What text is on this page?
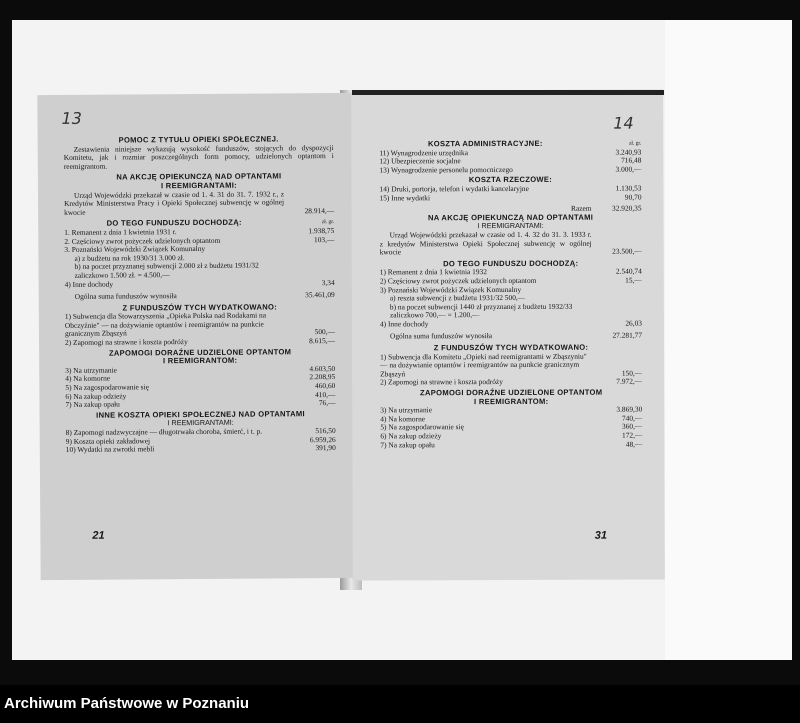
13
POMOC Z TYTUŁU OPIEKI SPOŁECZNEJ.
Zestawienia niniejsze wykazują wysokość funduszów, stojących do dyspozycji Komitetu, jak i rozmiar poszczególnych form pomocy, udzielonych optantom i reemigrantom.
NA AKCJĘ OPIEKUNCZĄ NAD OPTANTAMI
I REEMIGRANTAMI:
Urząd Wojewódzki przekazał w czasie od 1. 4. 31 do 31. 7. 1932 r., z Kredytów Ministerstwa Pracy i Opieki Społecznej subwencję w ogólnej kwocie	28.914,—
DO TEGO FUNDUSZU DOCHODZĄ:	zł. gr.
1. Remanent z dnia 1 kwietnia 1931 r.	1.938,75
2. Częściowy zwrot pożyczek udzielonych optantom	103,—
3. Poznański Wojewódzki Związek Komunalny
a) z budżetu na rok 1930/31 3.000 zł.
b) na poczet przyznanej subwencji 2.000 zł z budżetu 1931/32 zaliczkowo 1.500 zł. = 4.500,—
4) Inne dochody	3,34
Ogólna suma funduszów wynosiła	35.461,09
Z FUNDUSZÓW TYCH WYDATKOWANO:
1) Subwencja dla Stowarzyszenia „Opieka Polska nad Rodakami na Obczyźnie" — na dożywianie optantów i reemigrantów na punkcie granicznym Zbąszyń	500,—
2) Zapomogi na strawne i koszta podróży	8.615,—
ZAPOMOGI DORAŹNE UDZIELONE OPTANTOM
I REEMIGRANTOM:
3) Na utrzymanie	4.603,50
4) Na komorne	2.208,95
5) Na zagospodarowanie się	460,60
6) Na zakup odzieży	410,—
7) Na zakup opału	76,—
INNE KOSZTA OPIEKI SPOŁECZNEJ NAD OPTANTAMI
I REEMIGRANTAMI:
8) Zapomogi nadzwyczajne — długotrwała choroba, śmierć, i t. p.	516,50
9) Koszta opieki zakładowej	6.959,26
10) Wydatki na zwrotki mebli	391,90
21
14
KOSZTA ADMINISTRACYJNE:	zł. gr.
11) Wynagrodzenie urzędnika	3.240,93
12) Ubezpieczenie socjalne	716,48
13) Wynagrodzenie personelu pomocniczego	3.000,—
KOSZTA RZECZOWE:
14) Druki, portorja, telefon i wydatki kancelaryjne	1.130,53
15) Inne wydatki	90,70
Razem	32.920,35
NA AKCJĘ OPIEKUNCZĄ NAD OPTANTAMI
I REEMIGRANTAMI:
Urząd Wojewódzki przekazał w czasie od 1. 4. 32 do 31. 3. 1933 r. z kredytów Ministerstwa Opieki Społecznej subwencję w ogólnej kwocie	23.500,—
DO TEGO FUNDUSZU DOCHODZĄ:
1) Remanent z dnia 1 kwietnia 1932	2.540,74
2) Częściowy zwrot pożyczek udzielonych optantom	15,—
3) Poznański Wojewódzki Związek Komunalny
a) reszta subwencji z budżetu 1931/32 500,—
b) na poczet subwencji 1440 zł przyznanej z budżetu 1932/33 zaliczkowo 700,— = 1.200,—
4) Inne dochody	26,03
Ogólna suma funduszów wynosiła	27.281,77
Z FUNDUSZÓW TYCH WYDATKOWANO:
1) Subwencja dla Komitetu „Opieki nad reemigrantami w Zbąszyniu" — na dożywianie optantów i reemigrantów na punkcie granicznym Zbąszyń	150,—
2) Zapomogi na strawne i koszta podróży	7.972,—
ZAPOMOGI DORAŹNE UDZIELONE OPTANTOM
I REEMIGRANTOM:
3) Na utrzymanie	3.869,30
4) Na komorne	740,—
5) Na zagospodarowanie się	360,—
6) Na zakup odzieży	172,—
7) Na zakup opału	48,—
31
Archiwum Państwowe w Poznaniu
